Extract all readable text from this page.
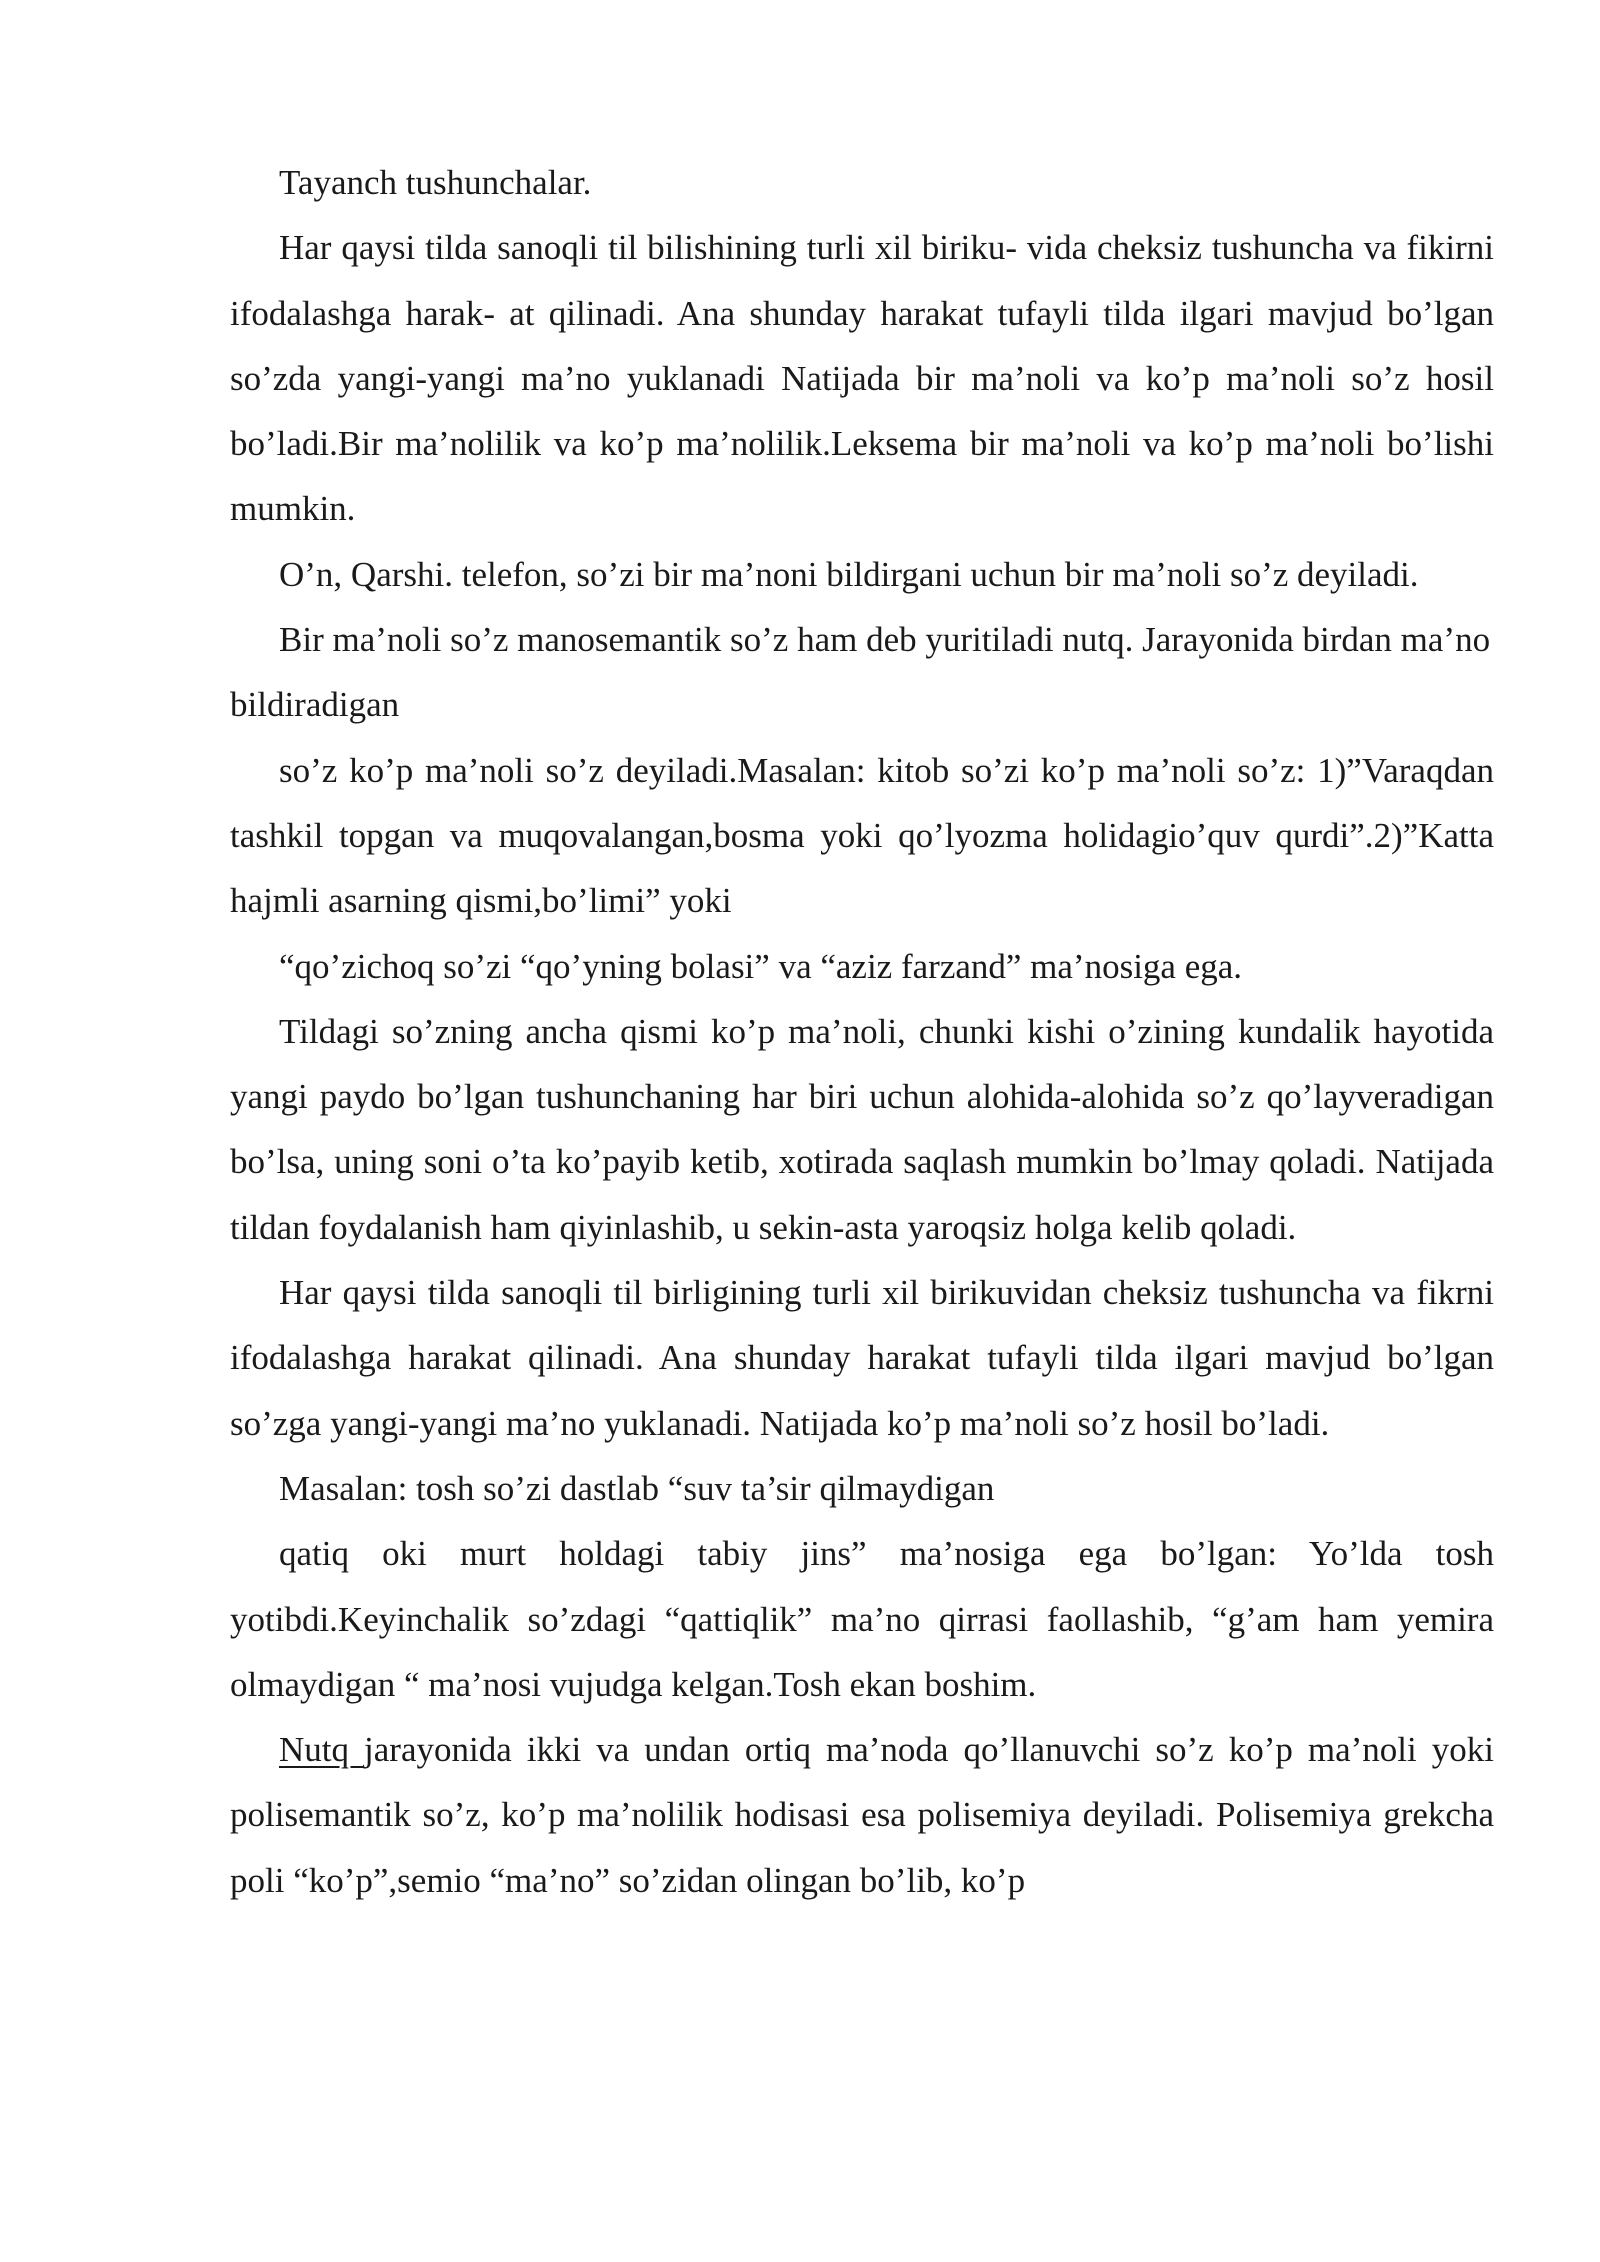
Tayanch tushunchalar.

Har qaysi tilda sanoqli til bilishining turli xil biriku- vida cheksiz tushuncha va fikirni ifodalashga harak- at qilinadi. Ana shunday harakat tufayli tilda ilgari mavjud bo’lgan so’zda yangi-yangi ma’no yuklanadi Natijada bir ma’noli va ko’p ma’noli so’z hosil bo’ladi.Bir ma’nolilik va ko’p ma’nolilik.Leksema bir ma’noli va ko’p ma’noli bo’lishi mumkin.

O’n, Qarshi. telefon, so’zi bir ma’noni bildirgani uchun bir ma’noli so’z deyiladi.

Bir ma’noli so’z manosemantik so’z ham deb yuritiladi nutq. Jarayonida birdan ma’no bildiradigan

so’z ko’p ma’noli so’z deyiladi.Masalan: kitob so’zi ko’p ma’noli so’z: 1)”Varaqdan tashkil topgan va muqovalangan,bosma yoki qo’lyozma holidagio’quv qurdi”.2)”Katta hajmli asarning qismi,bo’limi” yoki

“qo’zichoq so’zi “qo’yning bolasi” va “aziz farzand” ma’nosiga ega.

Tildagi so’zning ancha qismi ko’p ma’noli, chunki kishi o’zining kundalik hayotida yangi paydo bo’lgan tushunchaning har biri uchun alohida-alohida so’z qo’layveradigan bo’lsa, uning soni o’ta ko’payib ketib, xotirada saqlash mumkin bo’lmay qoladi. Natijada tildan foydalanish ham qiyinlashib, u sekin-asta yaroqsiz holga kelib qoladi.

Har qaysi tilda sanoqli til birligining turli xil birikuvidan cheksiz tushuncha va fikrni ifodalashga harakat qilinadi. Ana shunday harakat tufayli tilda ilgari mavjud bo’lgan so’zga yangi-yangi ma’no yuklanadi. Natijada ko’p ma’noli so’z hosil bo’ladi.

Masalan: tosh so’zi dastlab “suv ta’sir qilmaydigan

qatiq oki murt holdagi tabiy jins” ma’nosiga ega bo’lgan: Yo’lda tosh yotibdi.Keyinchalik so’zdagi “qattiqlik” ma’no qirrasi faollashib, “g’am ham yemira olmaydigan “ ma’nosi vujudga kelgan.Tosh ekan boshim.

Nutq jarayonida ikki va undan ortiq ma’noda qo’llanuvchi so’z ko’p ma’noli yoki polisemantik so’z, ko’p ma’nolilik hodisasi esa polisemiya deyiladi. Polisemiya grekcha poli “ko’p”,semio “ma’no” so’zidan olingan bo’lib, ko’p
